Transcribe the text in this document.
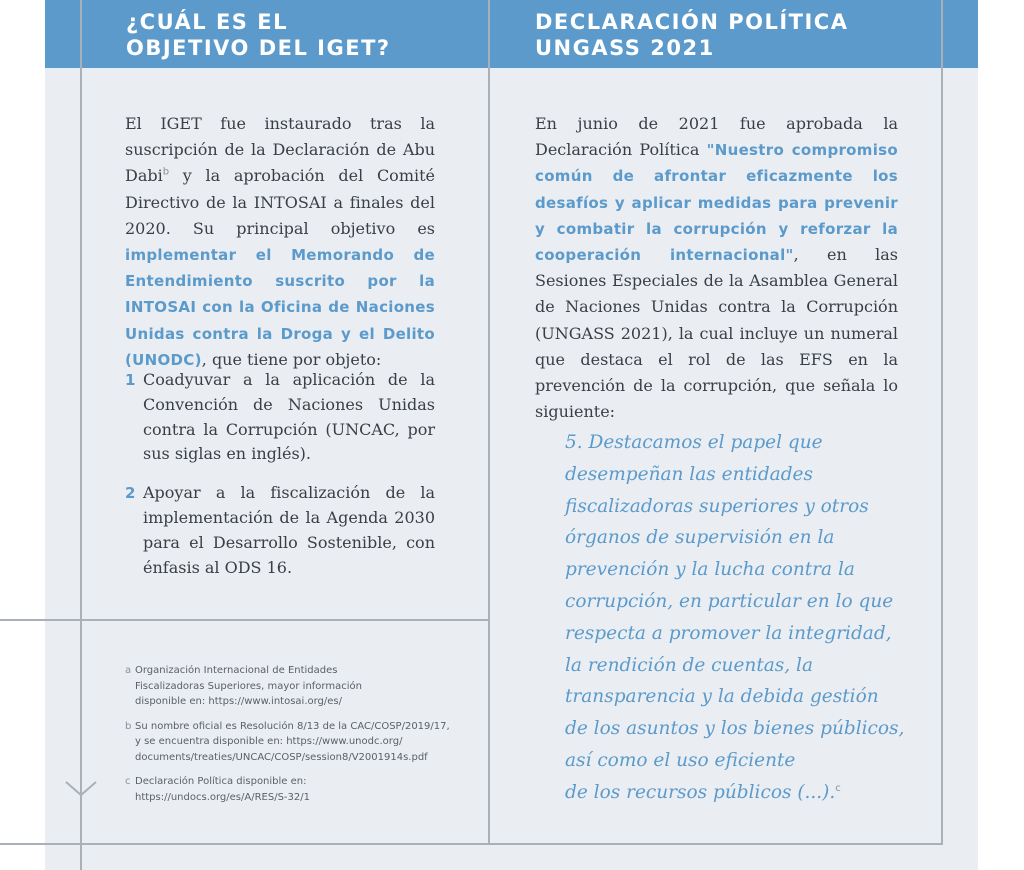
¿CUÁL ES EL
OBJETIVO DEL IGET?
DECLARACIÓN POLÍTICA
UNGASS 2021

El IGET fue instaurado tras la suscripción de la Declaración de Abu Dabi$^b$ y la aprobación del Comité Directivo de la INTOSAI a finales del 2020. Su principal objetivo es implementar el Memorando de Entendimiento suscrito por la INTOSAI con la Oficina de Naciones Unidas contra la Droga y el Delito (UNODC), que tiene por objeto:

1 Coadyuvar a la aplicación de la Convención de Naciones Unidas contra la Corrupción (UNCAC, por sus siglas en inglés).
2 Apoyar a la fiscalización de la implementación de la Agenda 2030 para el Desarrollo Sostenible, con énfasis al ODS 16.
a Organización Internacional de Entidades
Fiscalizadoras Superiores, mayor información
disponible en: https://www.intosai.org/es/
b Su nombre oficial es Resolución 8/13 de la CAC/COSP/2019/17,
y se encuentra disponible en: https://www.unodc.org/
documents/treaties/UNCAC/COSP/session8/V2001914s.pdf
c Declaración Política disponible en:
https://undocs.org/es/A/RES/S-32/1

En junio de 2021 fue aprobada la Declaración Política "Nuestro compromiso común de afrontar eficazmente los desafíos y aplicar medidas para prevenir y combatir la corrupción y reforzar la cooperación internacional", en las Sesiones Especiales de la Asamblea General de Naciones Unidas contra la Corrupción (UNGASS 2021), la cual incluye un numeral que destaca el rol de las EFS en la prevención de la corrupción, que señala lo siguiente:

5. Destacamos el papel que
desempeñan las entidades
fiscalizadoras superiores y otros
órganos de supervisión en la
prevención y la lucha contra la
corrupción, en particular en lo que
respecta a promover la integridad,
la rendición de cuentas, la
transparencia y la debida gestión
de los asuntos y los bienes públicos,
así como el uso eficiente
de los recursos públicos (...).$^c$
